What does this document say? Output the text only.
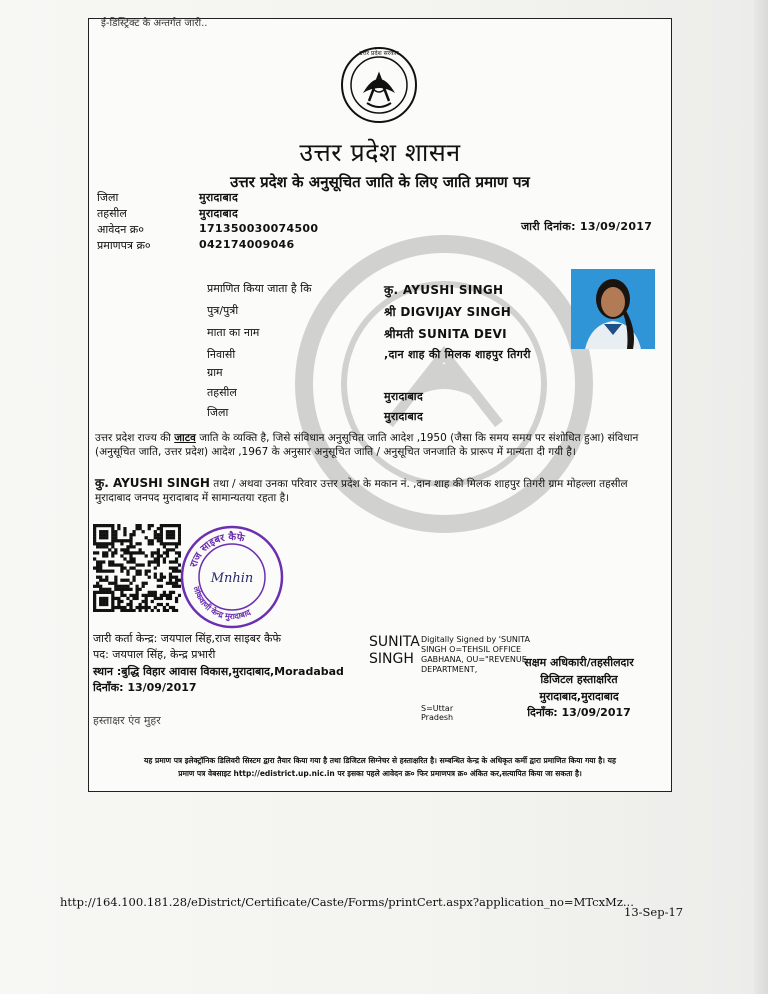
ई-डिस्ट्रिक्ट के अन्तर्गत जारी..
उत्तर प्रदेश सरकार
उत्तर प्रदेश शासन
उत्तर प्रदेश के अनुसूचित जाति के लिए जाति प्रमाण पत्र
जिला	मुरादाबाद
तहसील	मुरादाबाद
आवेदन क्र०	171350030074500
प्रमाणपत्र क्र०	042174009046
जारी दिनांक: 13/09/2017
प्रमाणित किया जाता है कि	कु. AYUSHI SINGH
पुत्र/पुत्री	श्री DIGVIJAY SINGH
माता का नाम	श्रीमती SUNITA DEVI
निवासी	,दान शाह की मिलक शाहपुर तिगरी
ग्राम
तहसील	मुरादाबाद
जिला	मुरादाबाद
उत्तर प्रदेश राज्य की जाटव जाति के व्यक्ति है, जिसे संविधान अनुसूचित जाति आदेश ,1950 (जैसा कि समय समय पर संशोधित हुआ) संविधान (अनुसूचित जाति, उत्तर प्रदेश) आदेश ,1967 के अनुसार अनुसूचित जाति / अनुसूचित जनजाति के प्रारूप में मान्यता दी गयी है।
कु. AYUSHI SINGH तथा / अथवा उनका परिवार उत्तर प्रदेश के मकान नं. ,दान शाह की मिलक शाहपुर तिगरी ग्राम मोहल्ला तहसील मुरादाबाद जनपद मुरादाबाद में सामान्यतया रहता है।
राज साइबर कैफे
लोकवाणी केन्द्र मुरादाबाद
Mnhin
जारी कर्ता केन्द्र: जयपाल सिंह,राज साइबर कैफे
पद: जयपाल सिंह, केन्द्र प्रभारी
स्थान :बुद्धि विहार आवास विकास,मुरादाबाद,Moradabad
दिनाँक: 13/09/2017
SUNITA SINGH
Digitally Signed by 'SUNITA SINGH O=TEHSIL OFFICE GABHANA, OU="REVENUE DEPARTMENT,
S=Uttar Pradesh
सक्षम अधिकारी/तहसीलदार
डिजिटल हस्ताक्षरित
मुरादाबाद,मुरादाबाद
दिनाँक: 13/09/2017
हस्ताक्षर एंव मुहर
यह प्रमाण पत्र इलेक्ट्रॉनिक डिलिवरी सिस्टम द्वारा तैयार किया गया है तथा डिजिटल सिग्नेचर से हस्ताक्षरित है। सम्बन्धित केन्द्र के अधिकृत कर्मी द्वारा प्रमाणित किया गया है। यह
प्रमाण पत्र वेबसाइट http://edistrict.up.nic.in पर इसका पहले आवेदन क्र० फिर प्रमाणपत्र क्र० अंकित कर,सत्यापित किया जा सकता है।
http://164.100.181.28/eDistrict/Certificate/Caste/Forms/printCert.aspx?application_no=MTcxMz...
13-Sep-17
